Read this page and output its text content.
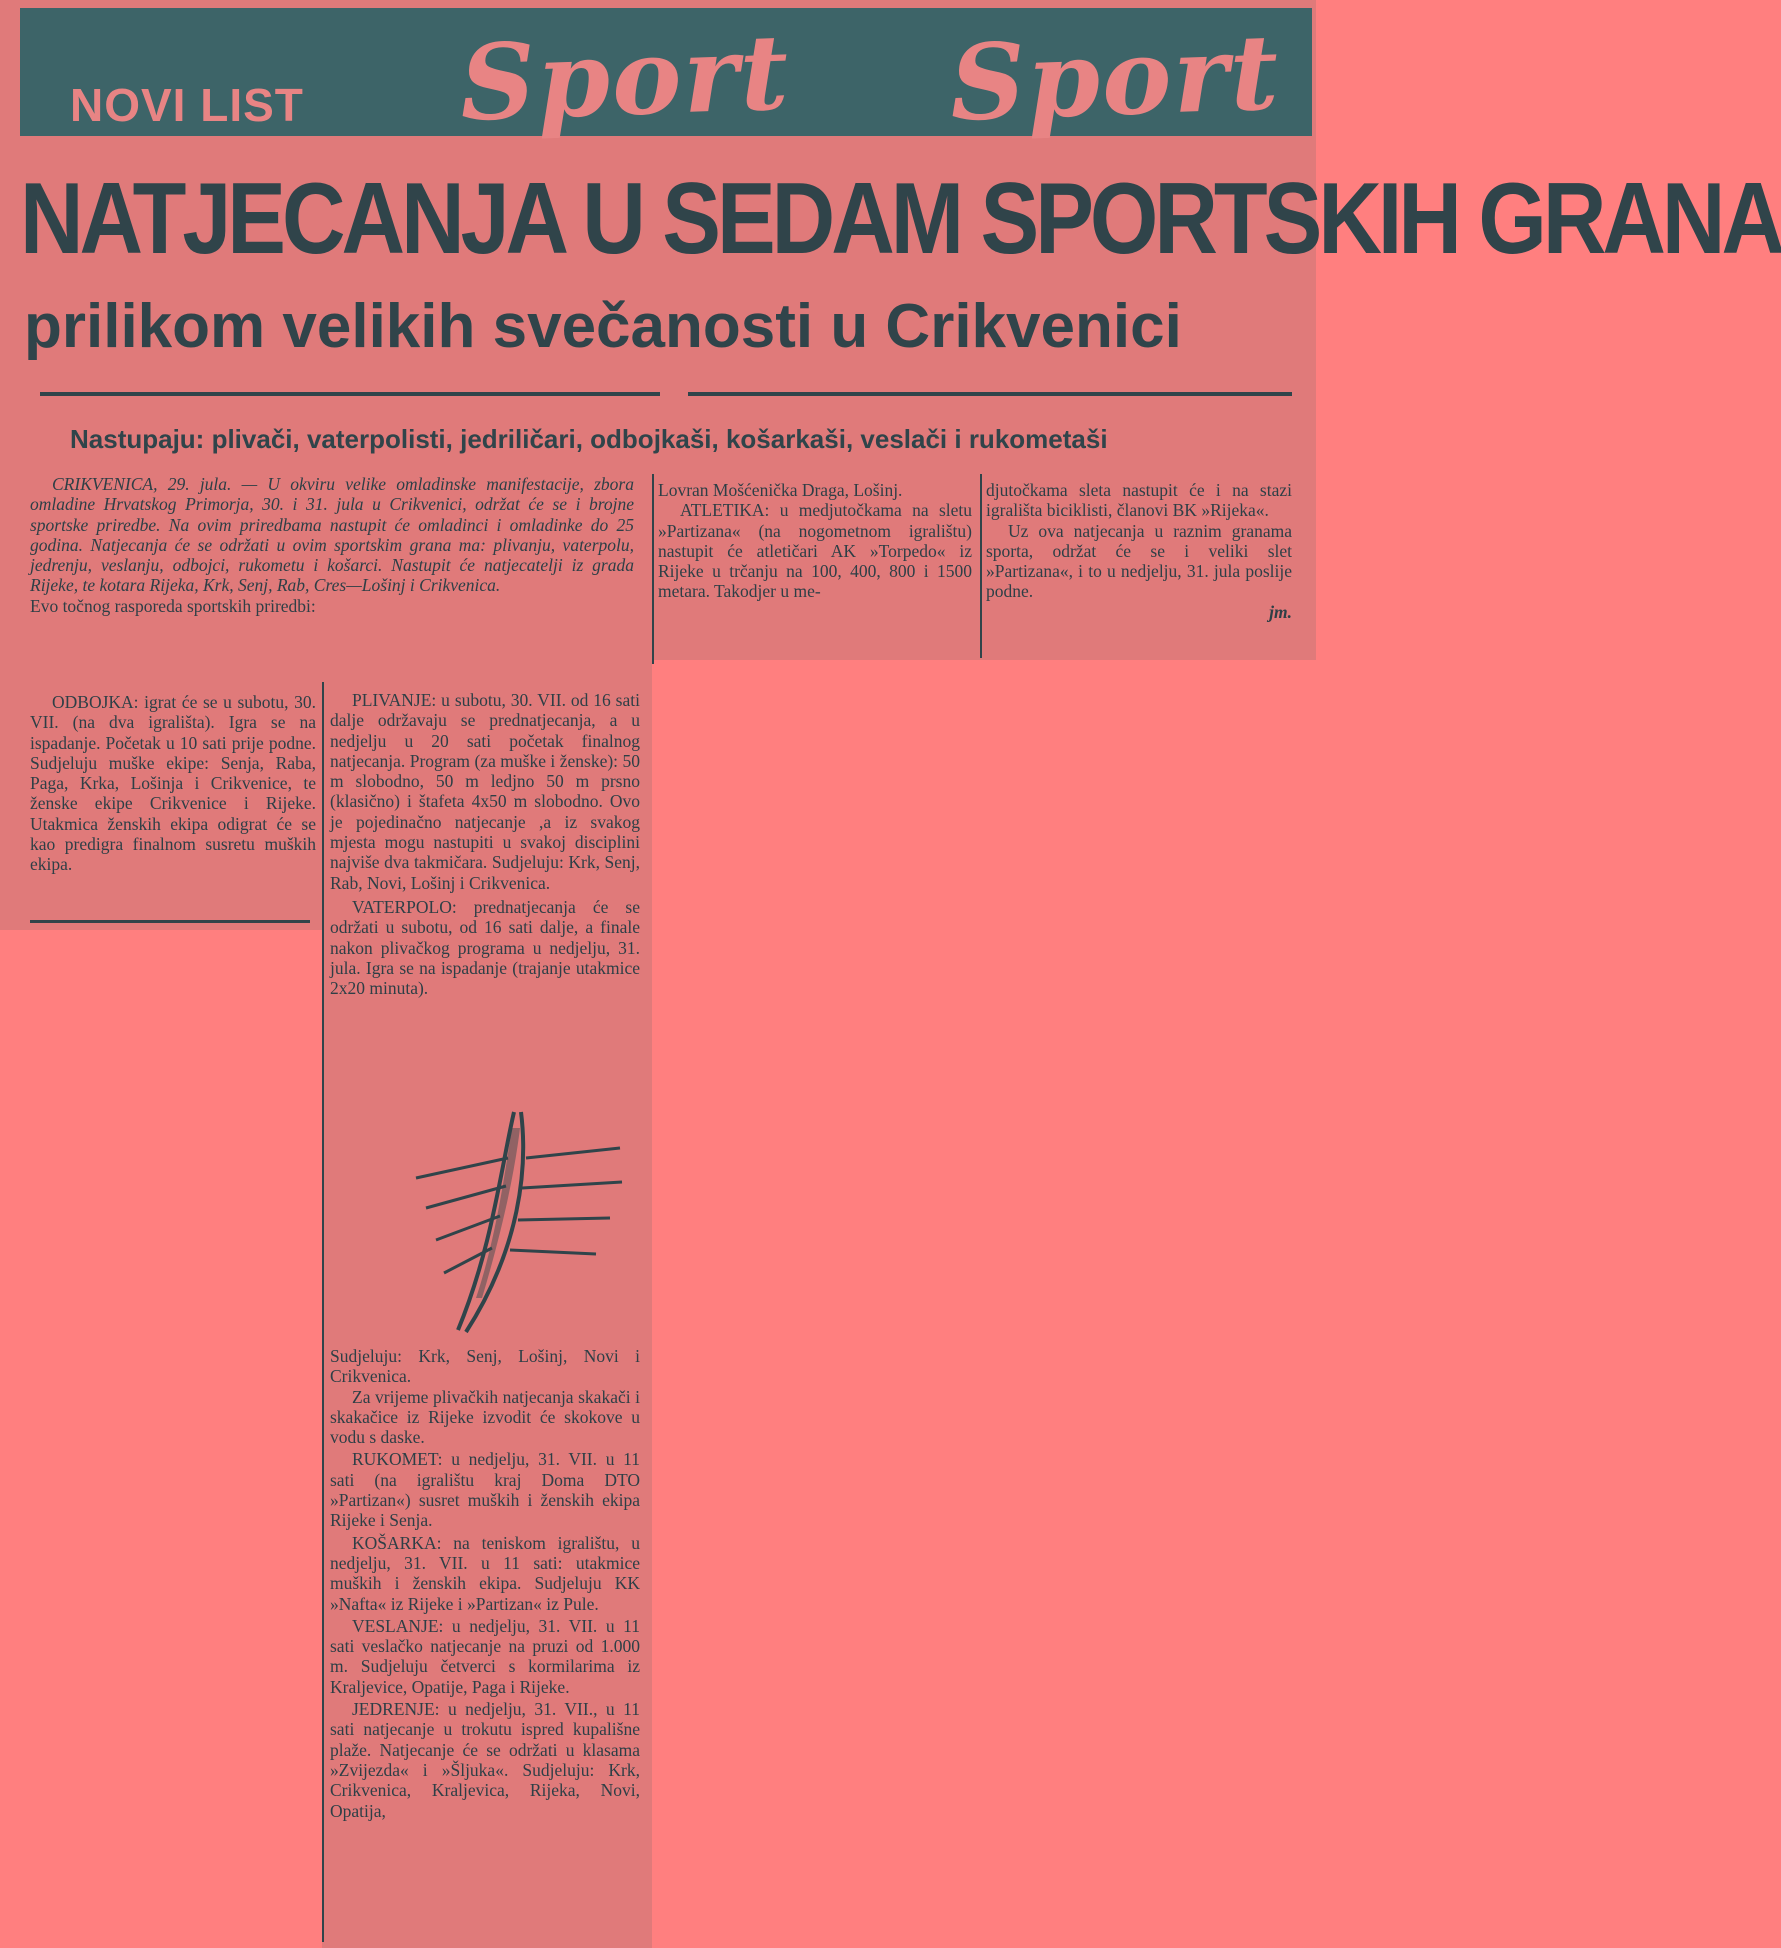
NOVI LIST Sport Sport
NATJECANJA U SEDAM SPORTSKIH GRANA
prilikom velikih svečanosti u Crikvenici
Nastupaju: plivači, vaterpolisti, jedriličari, odbojkaši, košarkaši, veslači i rukometaši

CRIKVENICA, 29. jula. — U okviru velike omladinske manifestacije, zbora omladine Hrvatskog Primorja, 30. i 31. jula u Crikvenici, održat će se i brojne sportske priredbe. Na ovim priredbama nastupit će omladinci i omladinke do 25 godina. Natjecanja će se održati u ovim sportskim grana ma: plivanju, vaterpolu, jedrenju, veslanju, odbojci, rukometu i košarci. Nastupit će natjecatelji iz grada Rijeke, te kotara Rijeka, Krk, Senj, Rab, Cres—Lošinj i Crikvenica.

Evo točnog rasporeda sportskih priredbi:

ODBOJKA: igrat će se u subotu, 30. VII. (na dva igrališta). Igra se na ispadanje. Početak u 10 sati prije podne. Sudjeluju muške ekipe: Senja, Raba, Paga, Krka, Lošinja i Crikvenice, te ženske ekipe Crikvenice i Rijeke. Utakmica ženskih ekipa odigrat će se kao predigra finalnom susretu muških ekipa.

PLIVANJE: u subotu, 30. VII. od 16 sati dalje održavaju se prednatjecanja, a u nedjelju u 20 sati početak finalnog natjecanja. Program (za muške i ženske): 50 m slobodno, 50 m ledjno 50 m prsno (klasično) i štafeta 4x50 m slobodno. Ovo je pojedinačno natjecanje ,a iz svakog mjesta mogu nastupiti u svakoj disciplini najviše dva takmičara. Sudjeluju: Krk, Senj, Rab, Novi, Lošinj i Crikvenica.

VATERPOLO: prednatjecanja će se održati u subotu, od 16 sati dalje, a finale nakon plivačkog programa u nedjelju, 31. jula. Igra se na ispadanje (trajanje utakmice 2x20 minuta).

Sudjeluju: Krk, Senj, Lošinj, Novi i Crikvenica.

Za vrijeme plivačkih natjecanja skakači i skakačice iz Rijeke izvodit će skokove u vodu s daske.

RUKOMET: u nedjelju, 31. VII. u 11 sati (na igralištu kraj Doma DTO »Partizan«) susret muških i ženskih ekipa Rijeke i Senja.

KOŠARKA: na teniskom igralištu, u nedjelju, 31. VII. u 11 sati: utakmice muških i ženskih ekipa. Sudjeluju KK »Nafta« iz Rijeke i »Partizan« iz Pule.

VESLANJE: u nedjelju, 31. VII. u 11 sati veslačko natjecanje na pruzi od 1.000 m. Sudjeluju četverci s kormilarima iz Kraljevice, Opatije, Paga i Rijeke.

JEDRENJE: u nedjelju, 31. VII., u 11 sati natjecanje u trokutu ispred kupališne plaže. Natjecanje će se održati u klasama »Zvijezda« i »Šljuka«. Sudjeluju: Krk, Crikvenica, Kraljevica, Rijeka, Novi, Opatija,

Lovran Mošćenička Draga, Lošinj.

ATLETIKA: u medjutočkama na sletu »Partizana« (na nogometnom igralištu) nastupit će atletičari AK »Torpedo« iz Rijeke u trčanju na 100, 400, 800 i 1500 metara. Takodjer u me-

djutočkama sleta nastupit će i na stazi igrališta biciklisti, članovi BK »Rijeka«.

Uz ova natjecanja u raznim granama sporta, održat će se i veliki slet »Partizana«, i to u nedjelju, 31. jula poslije podne.

jm.
